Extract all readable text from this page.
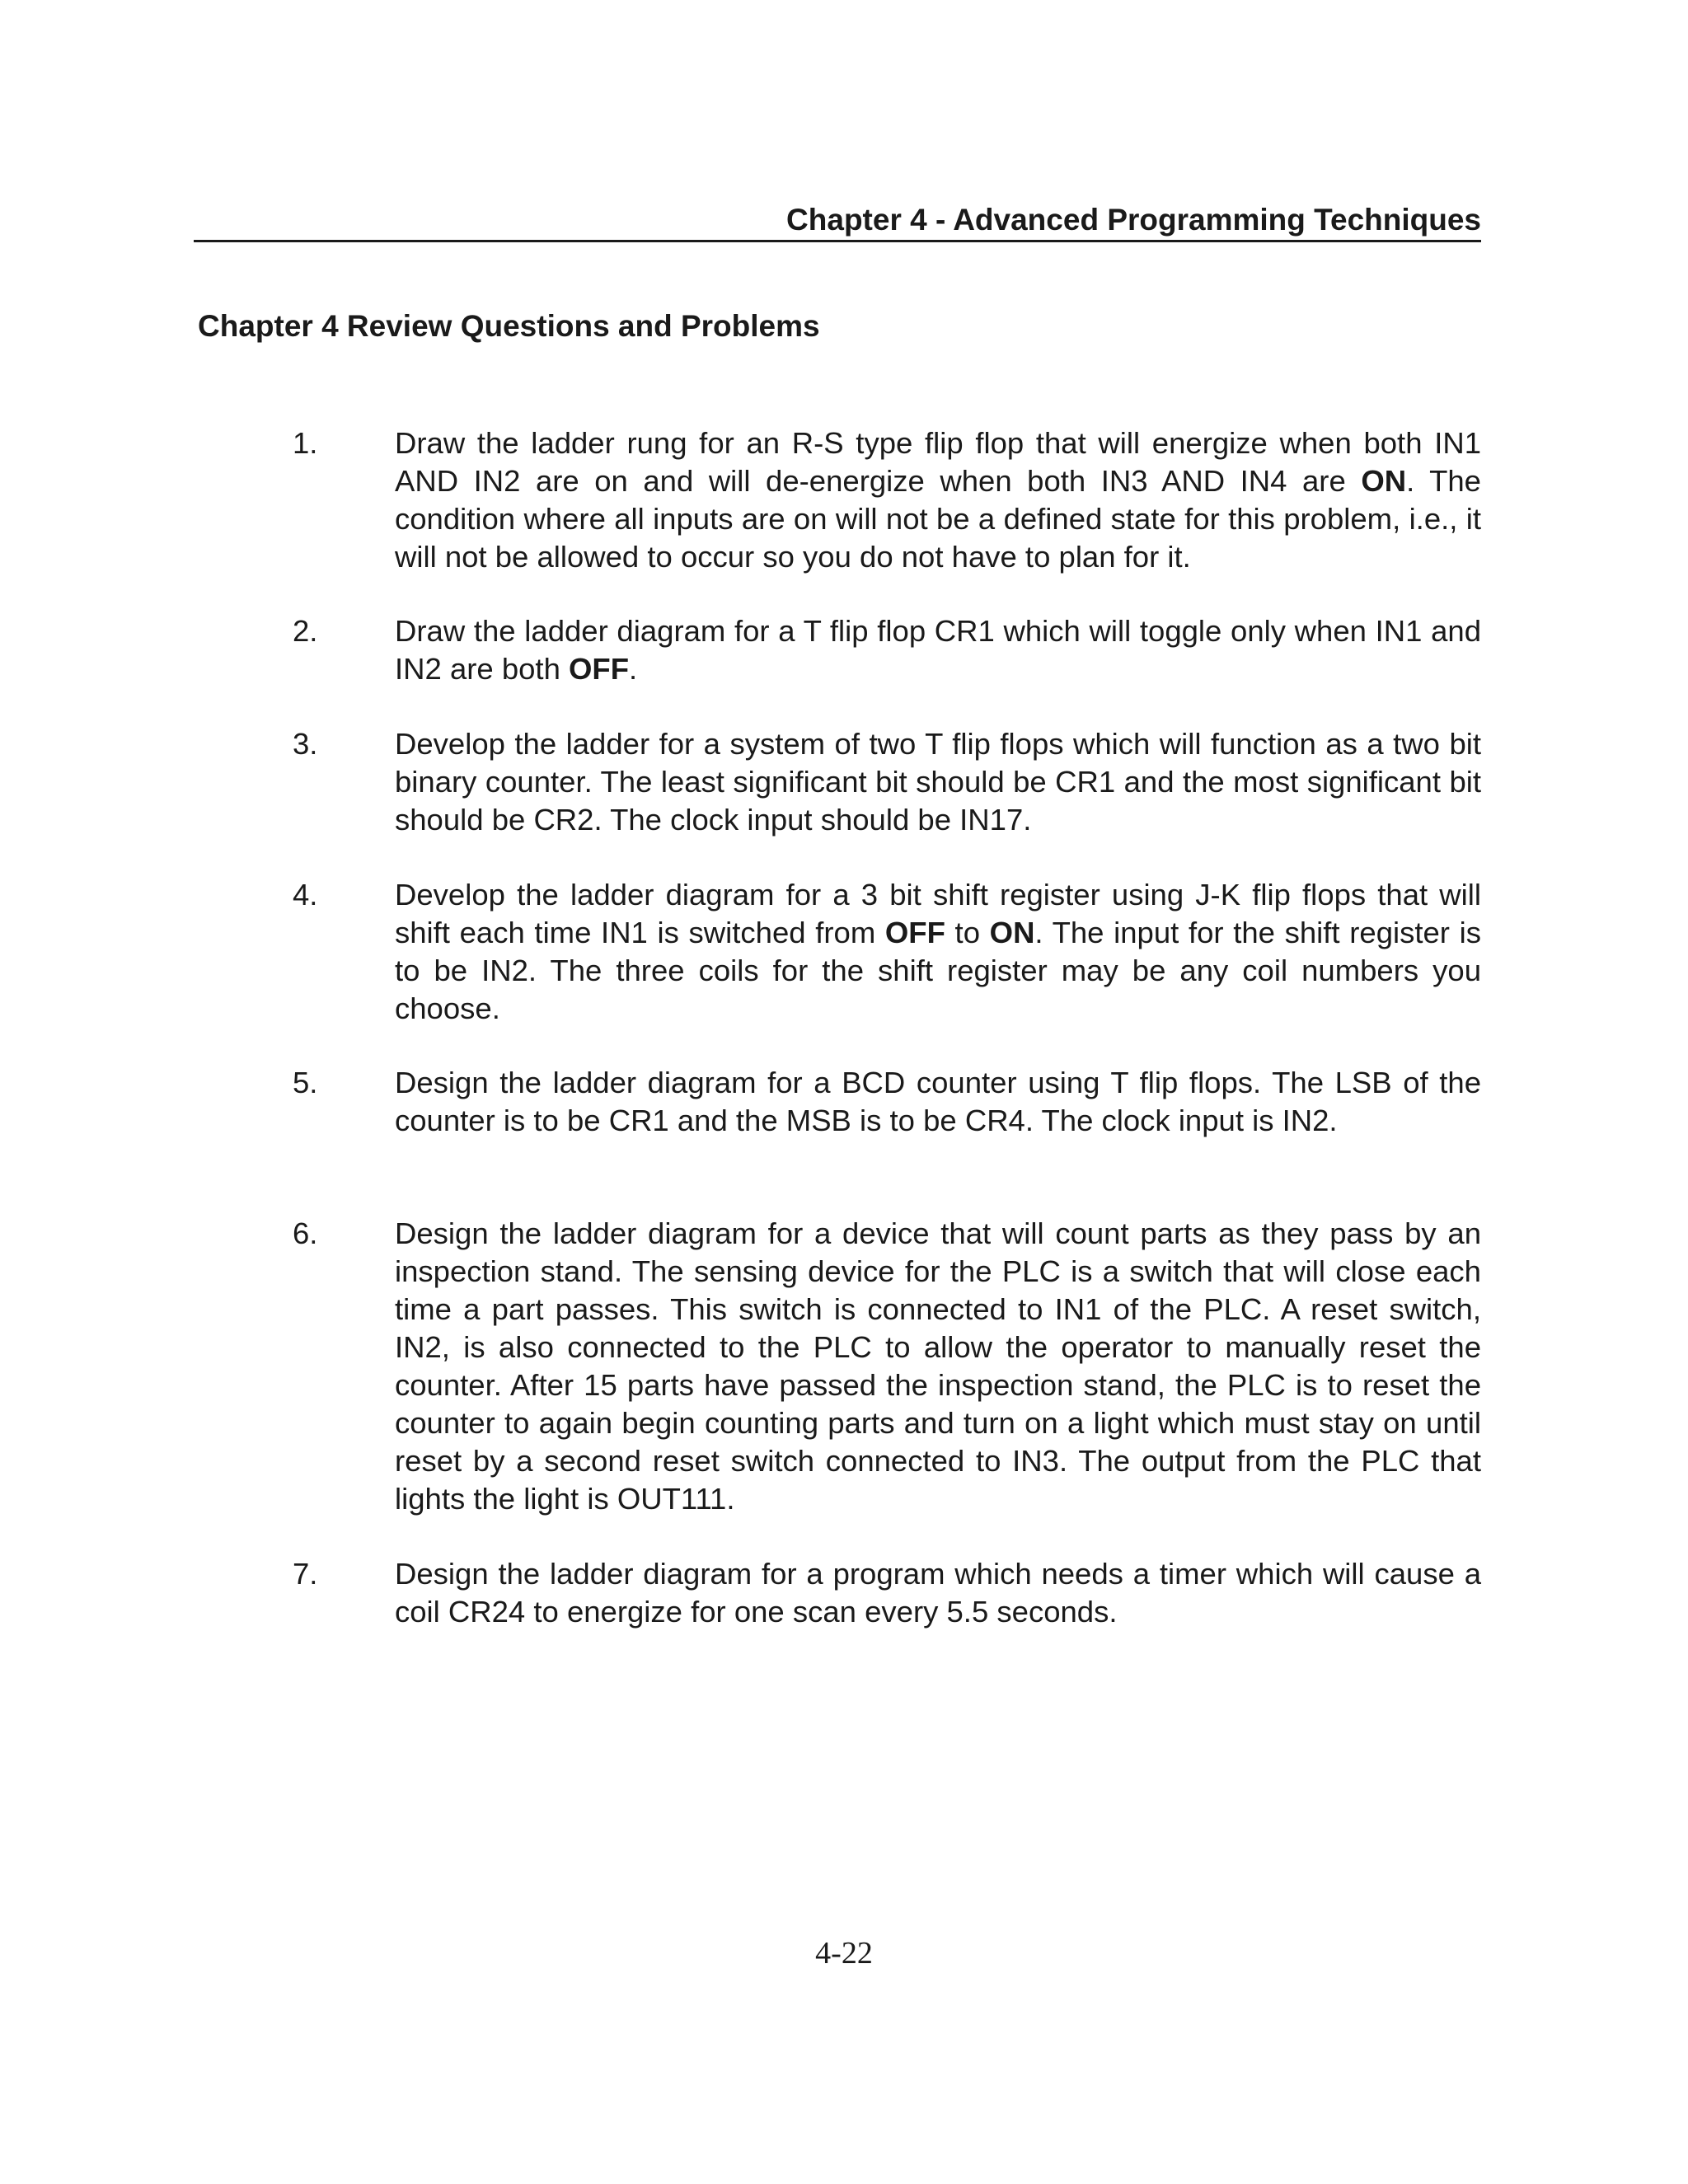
Chapter 4 - Advanced Programming Techniques
Chapter 4 Review Questions and Problems
1.	Draw the ladder rung for an R-S type flip flop that will energize when both IN1 AND IN2 are on and will de-energize when both IN3 AND IN4 are ON. The condition where all inputs are on will not be a defined state for this problem, i.e., it will not be allowed to occur so you do not have to plan for it.
2.	Draw the ladder diagram for a T flip flop CR1 which will toggle only when IN1 and IN2 are both OFF.
3.	Develop the ladder for a system of two T flip flops which will function as a two bit binary counter. The least significant bit should be CR1 and the most significant bit should be CR2. The clock input should be IN17.
4.	Develop the ladder diagram for a 3 bit shift register using J-K flip flops that will shift each time IN1 is switched from OFF to ON. The input for the shift register is to be IN2. The three coils for the shift register may be any coil numbers you choose.
5.	Design the ladder diagram for a BCD counter using T flip flops. The LSB of the counter is to be CR1 and the MSB is to be CR4. The clock input is IN2.
6.	Design the ladder diagram for a device that will count parts as they pass by an inspection stand. The sensing device for the PLC is a switch that will close each time a part passes. This switch is connected to IN1 of the PLC. A reset switch, IN2, is also connected to the PLC to allow the operator to manually reset the counter. After 15 parts have passed the inspection stand, the PLC is to reset the counter to again begin counting parts and turn on a light which must stay on until reset by a second reset switch connected to IN3. The output from the PLC that lights the light is OUT111.
7.	Design the ladder diagram for a program which needs a timer which will cause a coil CR24 to energize for one scan every 5.5 seconds.
4-22
